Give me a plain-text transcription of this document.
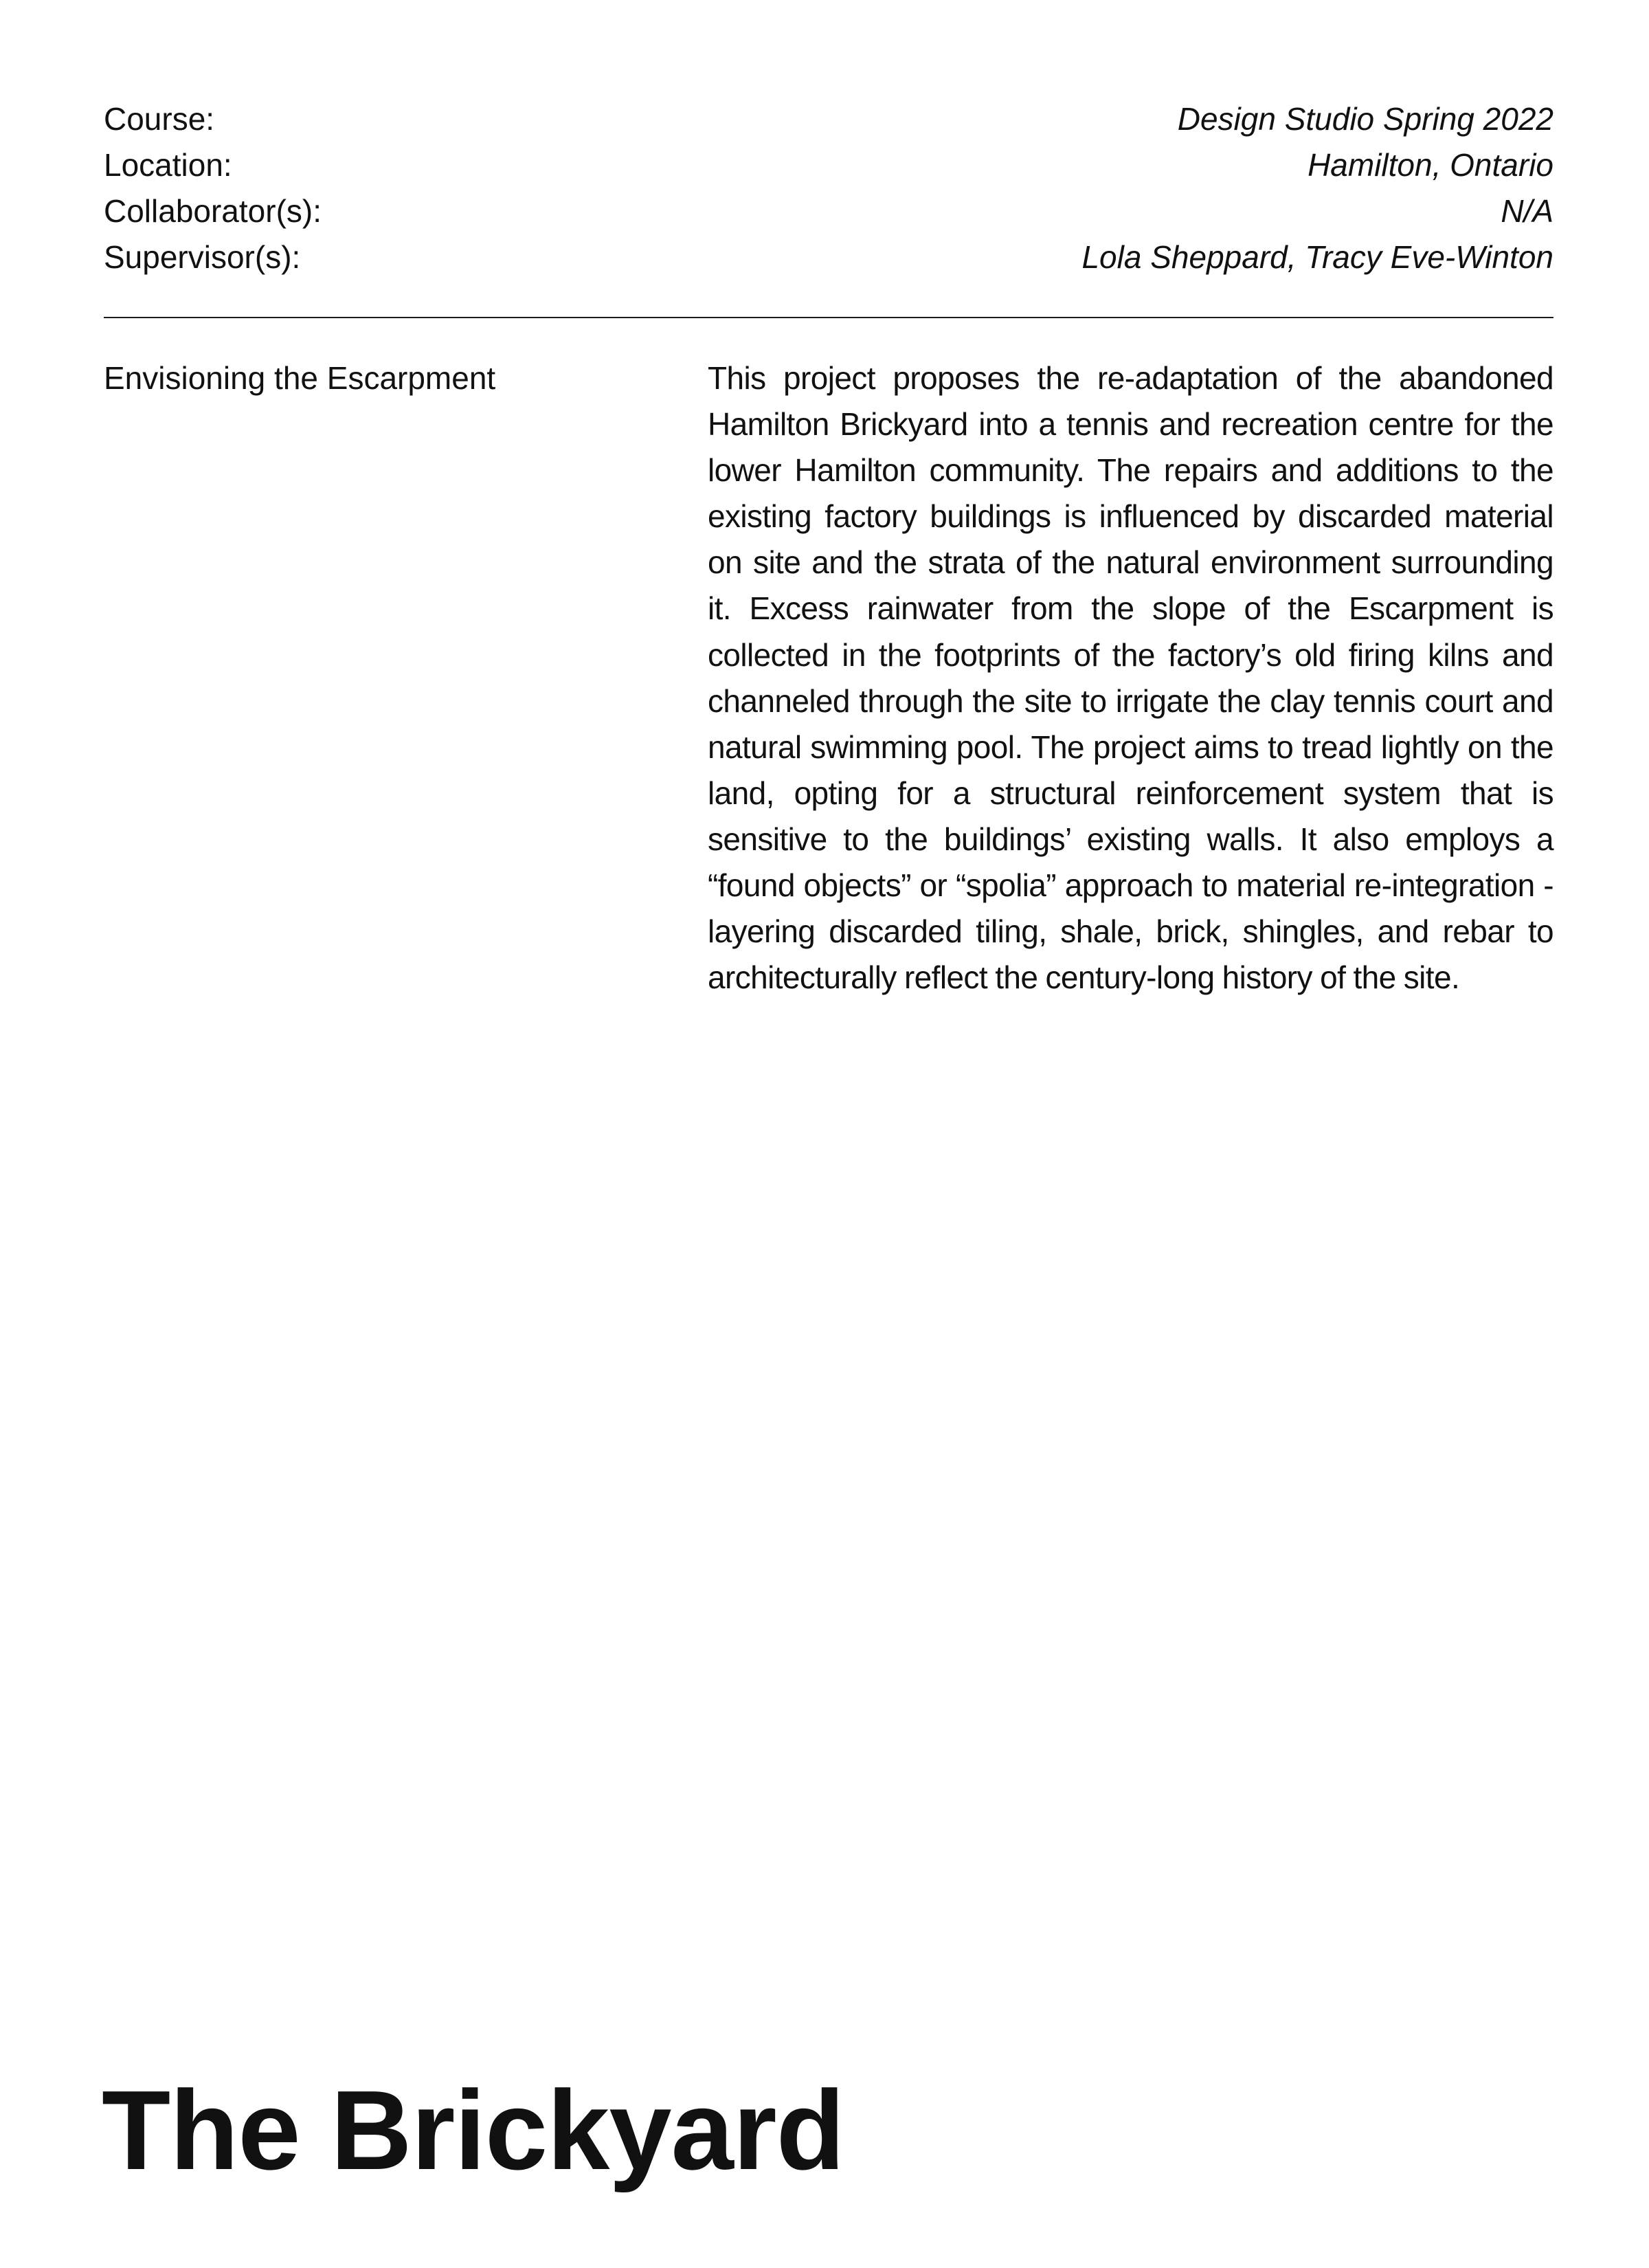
Course:	Design Studio Spring 2022
Location:	Hamilton, Ontario
Collaborator(s):	N/A
Supervisor(s):	Lola Sheppard, Tracy Eve-Winton
Envisioning the Escarpment	This project proposes the re-adaptation of the abandoned Hamilton Brickyard into a tennis and recreation centre for the lower Hamilton community. The repairs and additions to the existing factory buildings is influenced by discarded material on site and the strata of the natural environment surrounding it. Excess rainwater from the slope of the Escarpment is collected in the footprints of the factory’s old firing kilns and channeled through the site to irrigate the clay tennis court and natural swimming pool. The project aims to tread lightly on the land, opting for a structural reinforcement system that is sensitive to the buildings’ existing walls. It also employs a “found objects” or “spolia” approach to material re-integration - layering discarded tiling, shale, brick, shingles, and rebar to architecturally reflect the century-long history of the site.

The Brickyard
